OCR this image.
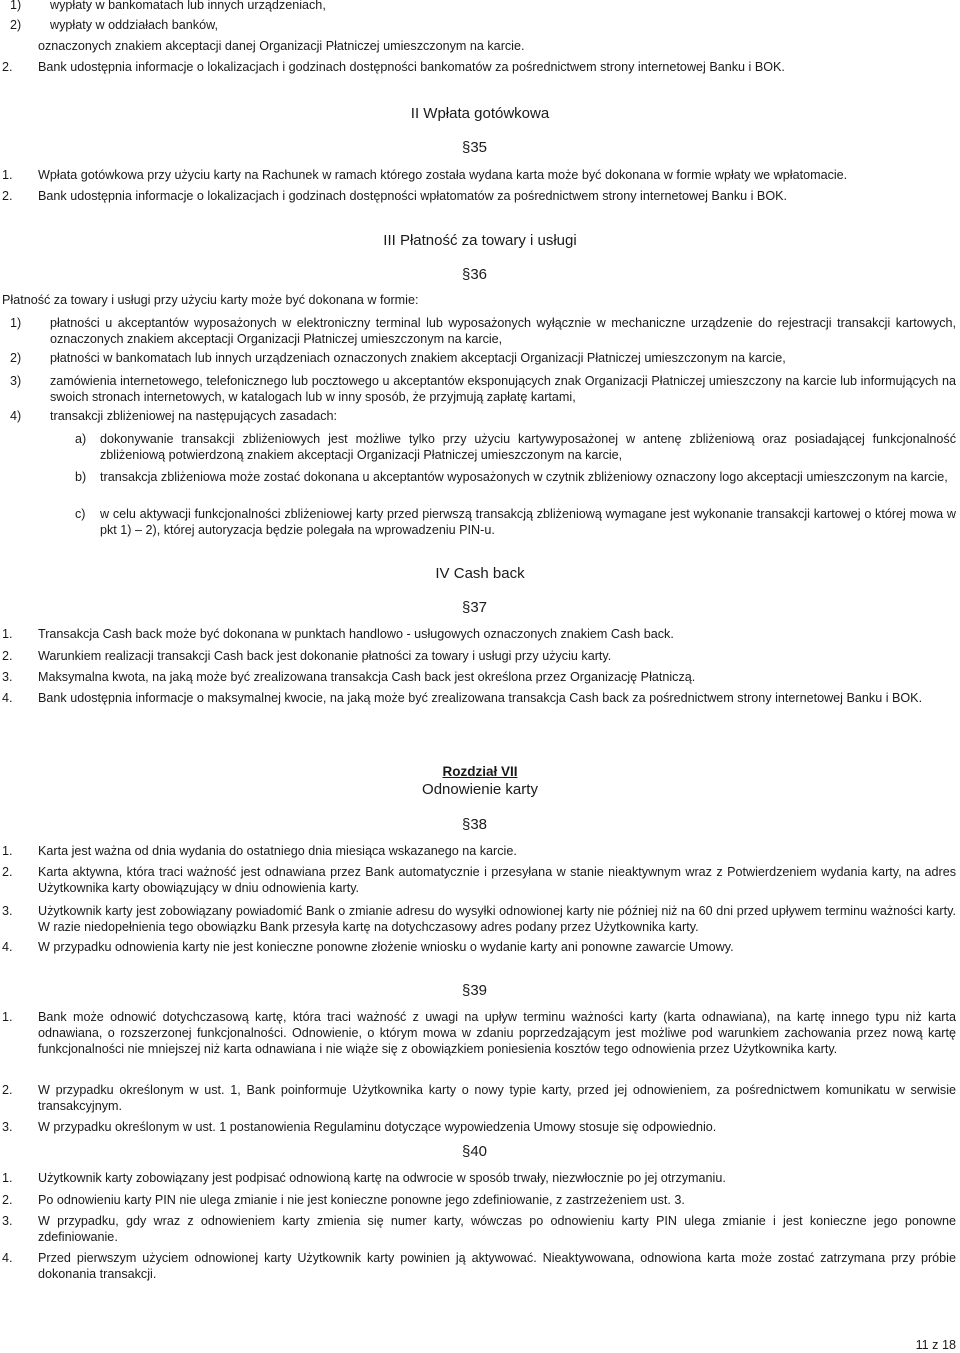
1) wypłaty w bankomatach lub innych urządzeniach,
2) wypłaty w oddziałach banków,
oznaczonych znakiem akceptacji danej Organizacji Płatniczej umieszczonym na karcie.
2. Bank udostępnia informacje o lokalizacjach i godzinach dostępności bankomatów za pośrednictwem strony internetowej Banku i BOK.
II Wpłata gotówkowa
§35
1. Wpłata gotówkowa przy użyciu karty na Rachunek w ramach którego została wydana karta może być dokonana w formie wpłaty we wpłatomacie.
2. Bank udostępnia informacje o lokalizacjach i godzinach dostępności wpłatomatów za pośrednictwem strony internetowej Banku i BOK.
III Płatność za towary i usługi
§36
Płatność za towary i usługi przy użyciu karty może być dokonana w formie:
1) płatności u akceptantów wyposażonych w elektroniczny terminal lub wyposażonych wyłącznie w mechaniczne urządzenie do rejestracji transakcji kartowych, oznaczonych znakiem akceptacji Organizacji Płatniczej umieszczonym na karcie,
2) płatności w bankomatach lub innych urządzeniach oznaczonych znakiem akceptacji Organizacji Płatniczej umieszczonym na karcie,
3) zamówienia internetowego, telefonicznego lub pocztowego u akceptantów eksponujących znak Organizacji Płatniczej umieszczony na karcie lub informujących na swoich stronach internetowych, w katalogach lub w inny sposób, że przyjmują zapłatę kartami,
4) transakcji zbliżeniowej na następujących zasadach:
a) dokonywanie transakcji zbliżeniowych jest możliwe tylko przy użyciu kartywyposażonej w antenę zbliżeniową oraz posiadającej funkcjonalność zbliżeniową potwierdzoną znakiem akceptacji Organizacji Płatniczej umieszczonym na karcie,
b) transakcja zbliżeniowa może zostać dokonana u akceptantów wyposażonych w czytnik zbliżeniowy oznaczony logo akceptacji umieszczonym na karcie,
c) w celu aktywacji funkcjonalności zbliżeniowej karty przed pierwszą transakcją zbliżeniową wymagane jest wykonanie transakcji kartowej o której mowa w pkt 1) – 2), której autoryzacja będzie polegała na wprowadzeniu PIN-u.
IV Cash back
§37
1. Transakcja Cash back może być dokonana w punktach handlowo - usługowych oznaczonych znakiem Cash back.
2. Warunkiem realizacji transakcji Cash back jest dokonanie płatności za towary i usługi przy użyciu karty.
3. Maksymalna kwota, na jaką może być zrealizowana transakcja Cash back jest określona przez Organizację Płatniczą.
4. Bank udostępnia informacje o maksymalnej kwocie, na jaką może być zrealizowana transakcja Cash back za pośrednictwem strony internetowej Banku i BOK.
Rozdział VII
Odnowienie karty
§38
1. Karta jest ważna od dnia wydania do ostatniego dnia miesiąca wskazanego na karcie.
2. Karta aktywna, która traci ważność jest odnawiana przez Bank automatycznie i przesyłana w stanie nieaktywnym wraz z Potwierdzeniem wydania karty, na adres Użytkownika karty obowiązujący w dniu odnowienia karty.
3. Użytkownik karty jest zobowiązany powiadomić Bank o zmianie adresu do wysyłki odnowionej karty nie później niż na 60 dni przed upływem terminu ważności karty. W razie niedopełnienia tego obowiązku Bank przesyła kartę na dotychczasowy adres podany przez Użytkownika karty.
4. W przypadku odnowienia karty nie jest konieczne ponowne złożenie wniosku o wydanie karty ani ponowne zawarcie Umowy.
§39
1. Bank może odnowić dotychczasową kartę, która traci ważność z uwagi na upływ terminu ważności karty (karta odnawiana), na kartę innego typu niż karta odnawiana, o rozszerzonej funkcjonalności. Odnowienie, o którym mowa w zdaniu poprzedzającym jest możliwe pod warunkiem zachowania przez nową kartę funkcjonalności nie mniejszej niż karta odnawiana i nie wiąże się z obowiązkiem poniesienia kosztów tego odnowienia przez Użytkownika karty.
2. W przypadku określonym w ust. 1, Bank poinformuje Użytkownika karty o nowy typie karty, przed jej odnowieniem, za pośrednictwem komunikatu w serwisie transakcyjnym.
3. W przypadku określonym w ust. 1 postanowienia Regulaminu dotyczące wypowiedzenia Umowy stosuje się odpowiednio.
§40
1. Użytkownik karty zobowiązany jest podpisać odnowioną kartę na odwrocie w sposób trwały, niezwłocznie po jej otrzymaniu.
2. Po odnowieniu karty PIN nie ulega zmianie i nie jest konieczne ponowne jego zdefiniowanie, z zastrzeżeniem ust. 3.
3. W przypadku, gdy wraz z odnowieniem karty zmienia się numer karty, wówczas po odnowieniu karty PIN ulega zmianie i jest konieczne jego ponowne zdefiniowanie.
4. Przed pierwszym użyciem odnowionej karty Użytkownik karty powinien ją aktywować. Nieaktywowana, odnowiona karta może zostać zatrzymana przy próbie dokonania transakcji.
11 z 18
